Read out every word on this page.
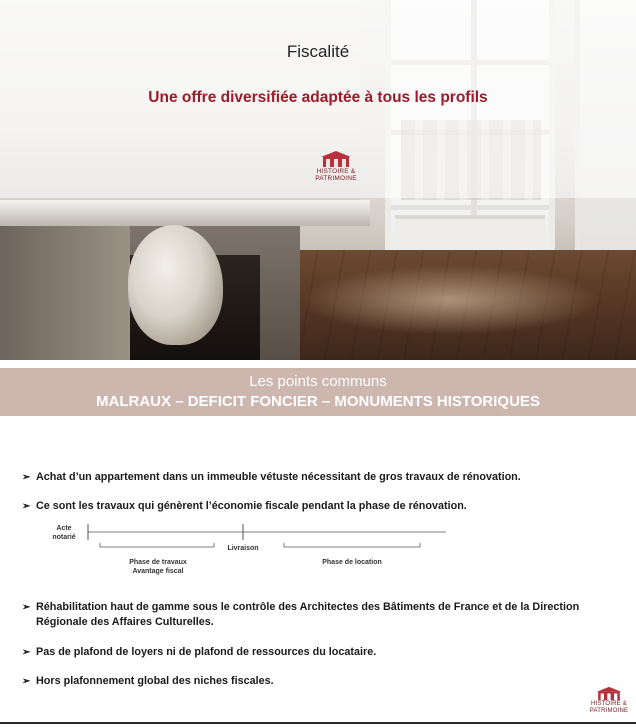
Fiscalité
Une offre diversifiée adaptée à tous les profils
HISTOIRE &
PATRIMOINE
Les points communs
MALRAUX – DEFICIT FONCIER – MONUMENTS HISTORIQUES
➢ Achat d’un appartement dans un immeuble vétuste nécessitant de gros travaux de rénovation.
➢ Ce sont les travaux qui génèrent l’économie fiscale pendant la phase de rénovation.
➢ Réhabilitation haut de gamme sous le contrôle des Architectes des Bâtiments de France et de la Direction Régionale des Affaires Culturelles.
➢ Pas de plafond de loyers ni de plafond de ressources du locataire.
➢ Hors plafonnement global des niches fiscales.
Acte
notarié
Phase de travaux
Avantage fiscal
Livraison
Phase de location
HISTOIRE &
PATRIMOINE
